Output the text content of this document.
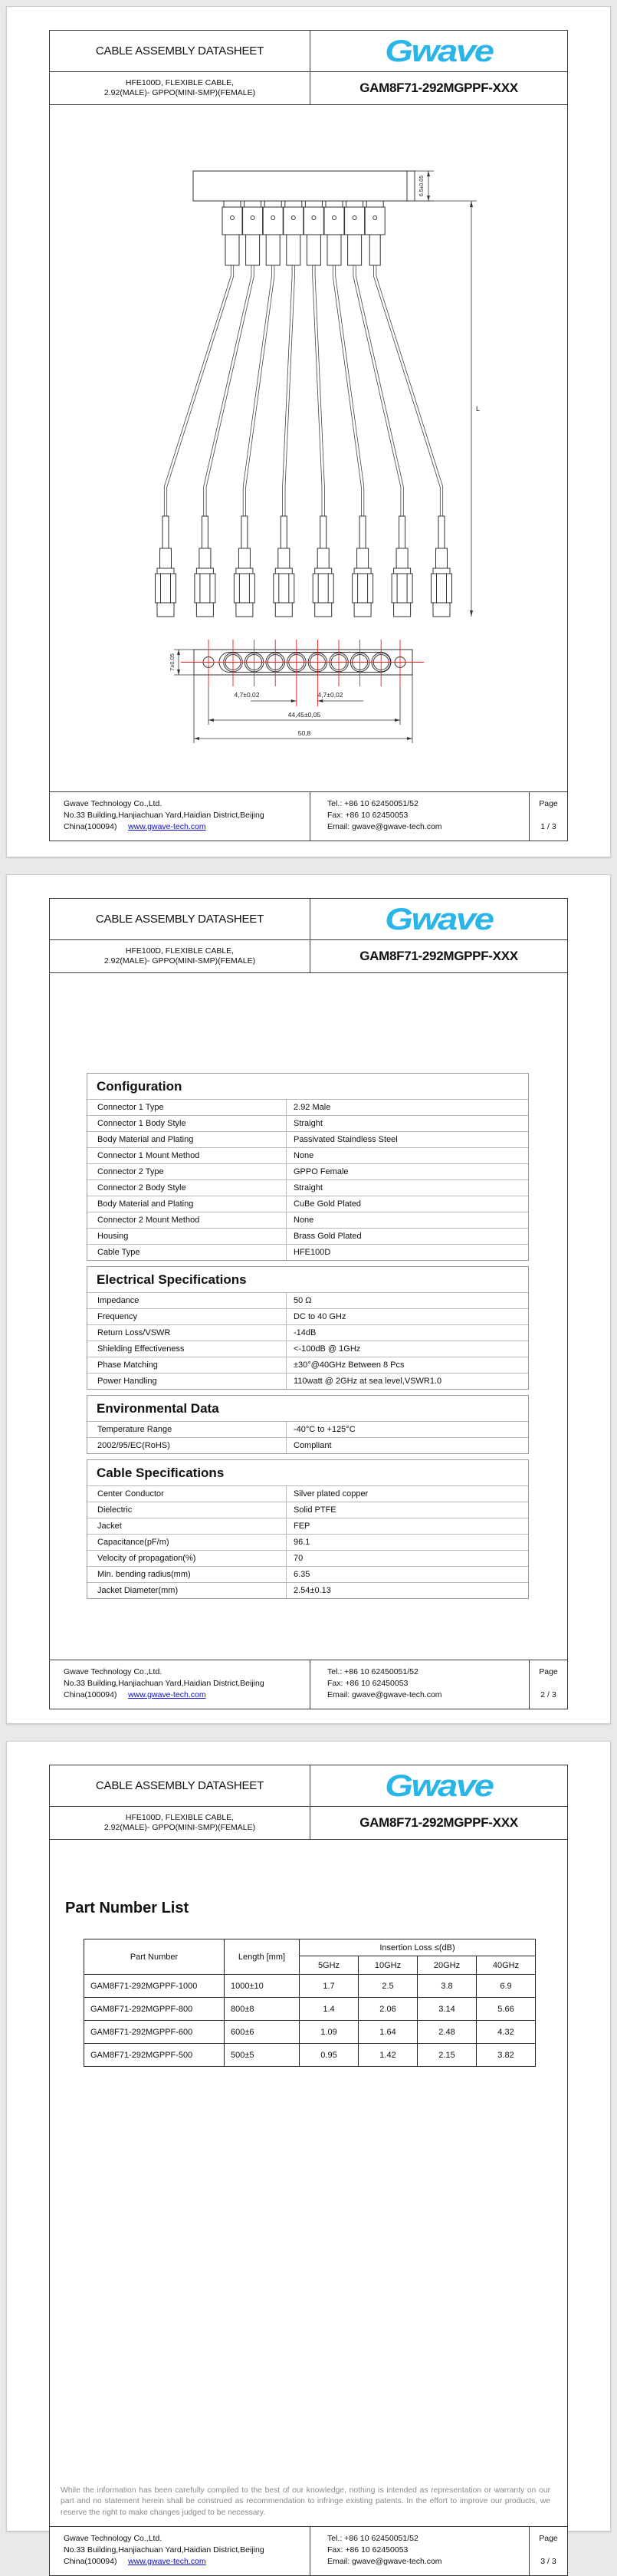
CABLE ASSEMBLY DATASHEET
HFE100D, FLEXIBLE CABLE,
2.92(MALE)- GPPO(MINI-SMP)(FEMALE)
Gwave
GAM8F71-292MGPPF-XXX
6.5±0.05
L
7±0.05
4,7±0,02	4,7±0,02
44,45±0,05
50,8
Gwave Technology Co.,Ltd.
No.33 Building,Hanjiachuan Yard,Haidian District,Beijing
China(100094) www.gwave-tech.com
Tel.: +86 10 62450051/52
Fax: +86 10 62450053
Email: gwave@gwave-tech.com
Page
1 / 3
CABLE ASSEMBLY DATASHEET
HFE100D, FLEXIBLE CABLE,
2.92(MALE)- GPPO(MINI-SMP)(FEMALE)
Gwave
GAM8F71-292MGPPF-XXX
Configuration
Connector 1 Type	2.92 Male
Connector 1 Body Style	Straight
Body Material and Plating	Passivated Staindless Steel
Connector 1 Mount Method	None
Connector 2 Type	GPPO Female
Connector 2 Body Style	Straight
Body Material and Plating	CuBe Gold Plated
Connector 2 Mount Method	None
Housing	Brass Gold Plated
Cable Type	HFE100D
Electrical Specifications
Impedance	50 Ω
Frequency	DC to 40 GHz
Return Loss/VSWR	-14dB
Shielding Effectiveness	<-100dB @ 1GHz
Phase Matching	±30°@40GHz Between 8 Pcs
Power Handling	110watt @ 2GHz at sea level,VSWR1.0
Environmental Data
Temperature Range	-40°C to +125°C
2002/95/EC(RoHS)	Compliant
Cable Specifications
Center Conductor	Silver plated copper
Dielectric	Solid PTFE
Jacket	FEP
Capacitance(pF/m)	96.1
Velocity of propagation(%)	70
Min. bending radius(mm)	6.35
Jacket Diameter(mm)	2.54±0.13
Gwave Technology Co.,Ltd.
No.33 Building,Hanjiachuan Yard,Haidian District,Beijing
China(100094) www.gwave-tech.com
Tel.: +86 10 62450051/52
Fax: +86 10 62450053
Email: gwave@gwave-tech.com
Page
2 / 3
CABLE ASSEMBLY DATASHEET
HFE100D, FLEXIBLE CABLE,
2.92(MALE)- GPPO(MINI-SMP)(FEMALE)
Gwave
GAM8F71-292MGPPF-XXX
Part Number List
Part Number	Length [mm]	Insertion Loss ≤(dB)			
		5GHz	10GHz	20GHz	40GHz
GAM8F71-292MGPPF-1000	1000±10	1.7	2.5	3.8	6.9
GAM8F71-292MGPPF-800	800±8	1.4	2.06	3.14	5.66
GAM8F71-292MGPPF-600	600±6	1.09	1.64	2.48	4.32
GAM8F71-292MGPPF-500	500±5	0.95	1.42	2.15	3.82
While the information has been carefully compiled to the best of our knowledge, nothing is intended as representation or warranty on our part and no statement herein shall be construed as recommendation to infringe existing patents. In the effort to improve our products, we reserve the right to make changes judged to be necessary.
Gwave Technology Co.,Ltd.
No.33 Building,Hanjiachuan Yard,Haidian District,Beijing
China(100094) www.gwave-tech.com
Tel.: +86 10 62450051/52
Fax: +86 10 62450053
Email: gwave@gwave-tech.com
Page
3 / 3
